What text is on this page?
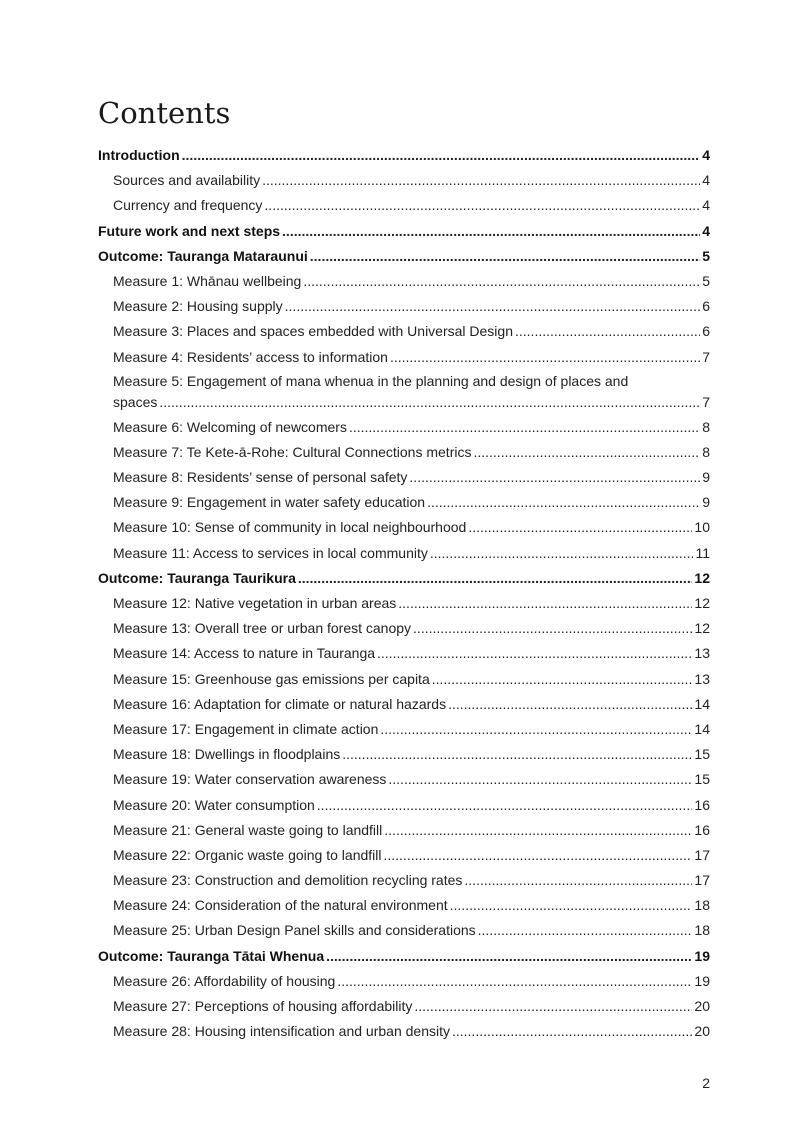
Contents
Introduction .....	4
Sources and availability .....	4
Currency and frequency .....	4
Future work and next steps .....	4
Outcome: Tauranga Mataraunui .....	5
Measure 1: Whānau wellbeing .....	5
Measure 2: Housing supply .....	6
Measure 3: Places and spaces embedded with Universal Design .....	6
Measure 4: Residents’ access to information .....	7
Measure 5: Engagement of mana whenua in the planning and design of places and
spaces .....	7
Measure 6: Welcoming of newcomers .....	8
Measure 7: Te Kete-ā-Rohe: Cultural Connections metrics .....	8
Measure 8: Residents’ sense of personal safety .....	9
Measure 9: Engagement in water safety education .....	9
Measure 10: Sense of community in local neighbourhood .....	10
Measure 11: Access to services in local community .....	11
Outcome: Tauranga Taurikura .....	12
Measure 12: Native vegetation in urban areas .....	12
Measure 13: Overall tree or urban forest canopy .....	12
Measure 14: Access to nature in Tauranga .....	13
Measure 15: Greenhouse gas emissions per capita .....	13
Measure 16: Adaptation for climate or natural hazards .....	14
Measure 17: Engagement in climate action .....	14
Measure 18: Dwellings in floodplains .....	15
Measure 19: Water conservation awareness .....	15
Measure 20: Water consumption .....	16
Measure 21: General waste going to landfill .....	16
Measure 22: Organic waste going to landfill .....	17
Measure 23: Construction and demolition recycling rates .....	17
Measure 24: Consideration of the natural environment .....	18
Measure 25: Urban Design Panel skills and considerations .....	18
Outcome: Tauranga Tātai Whenua .....	19
Measure 26: Affordability of housing .....	19
Measure 27: Perceptions of housing affordability .....	20
Measure 28: Housing intensification and urban density .....	20
2
